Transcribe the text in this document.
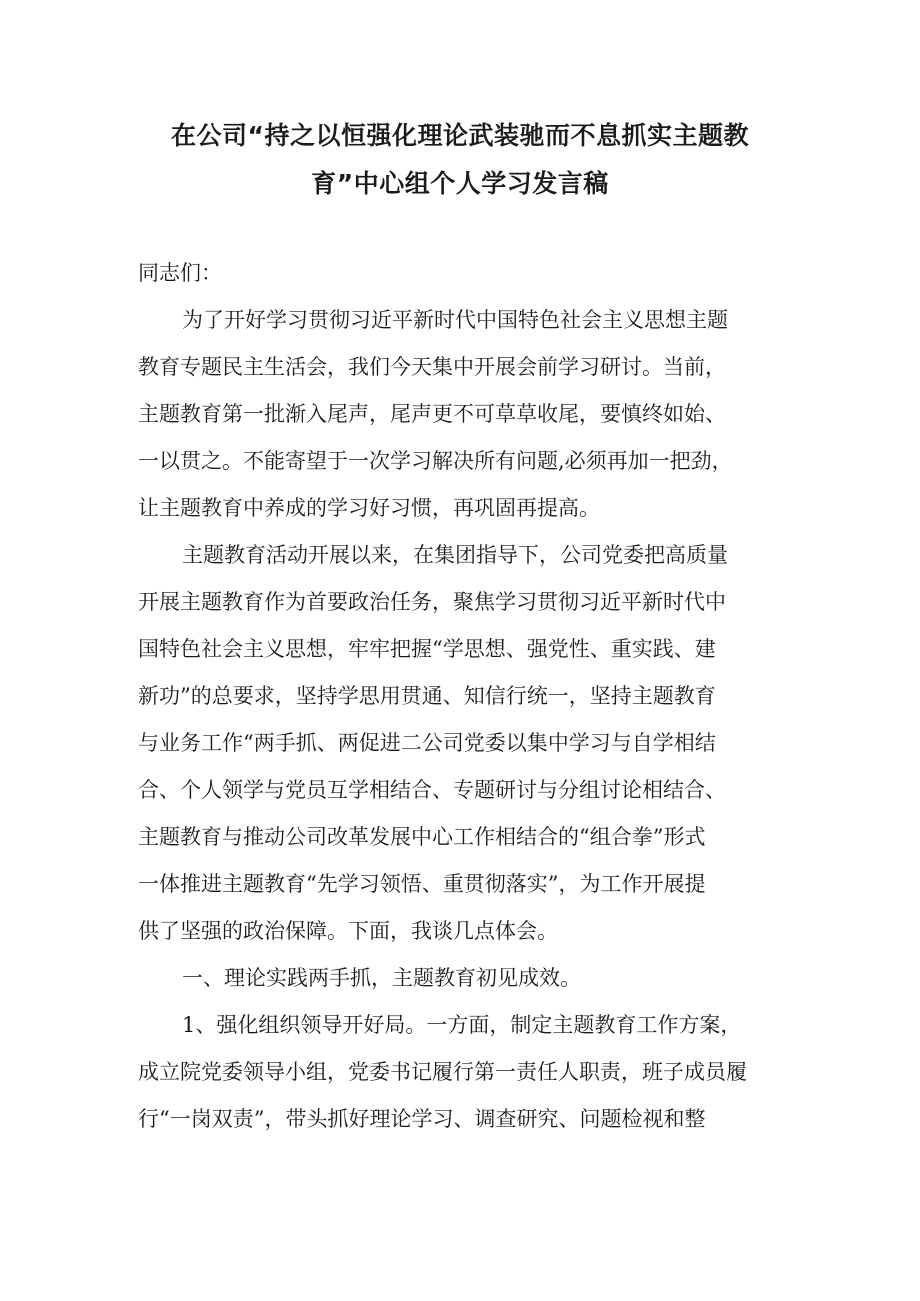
在公司“持之以恒强化理论武装驰而不息抓实主题教
育”中心组个人学习发言稿
同志们：
为了开好学习贯彻习近平新时代中国特色社会主义思想主题
教育专题民主生活会，我们今天集中开展会前学习研讨。当前，
主题教育第一批渐入尾声，尾声更不可草草收尾，要慎终如始、
一以贯之。不能寄望于一次学习解决所有问题,必须再加一把劲，
让主题教育中养成的学习好习惯，再巩固再提高。
主题教育活动开展以来，在集团指导下，公司党委把高质量
开展主题教育作为首要政治任务，聚焦学习贯彻习近平新时代中
国特色社会主义思想，牢牢把握“学思想、强党性、重实践、建
新功”的总要求，坚持学思用贯通、知信行统一，坚持主题教育
与业务工作“两手抓、两促进二公司党委以集中学习与自学相结
合、个人领学与党员互学相结合、专题研讨与分组讨论相结合、
主题教育与推动公司改革发展中心工作相结合的“组合拳”形式
一体推进主题教育“先学习领悟、重贯彻落实”，为工作开展提
供了坚强的政治保障。下面，我谈几点体会。
一、理论实践两手抓，主题教育初见成效。
1、强化组织领导开好局。一方面，制定主题教育工作方案，
成立院党委领导小组，党委书记履行第一责任人职责，班子成员履
行“一岗双责”，带头抓好理论学习、调查研究、问题检视和整
